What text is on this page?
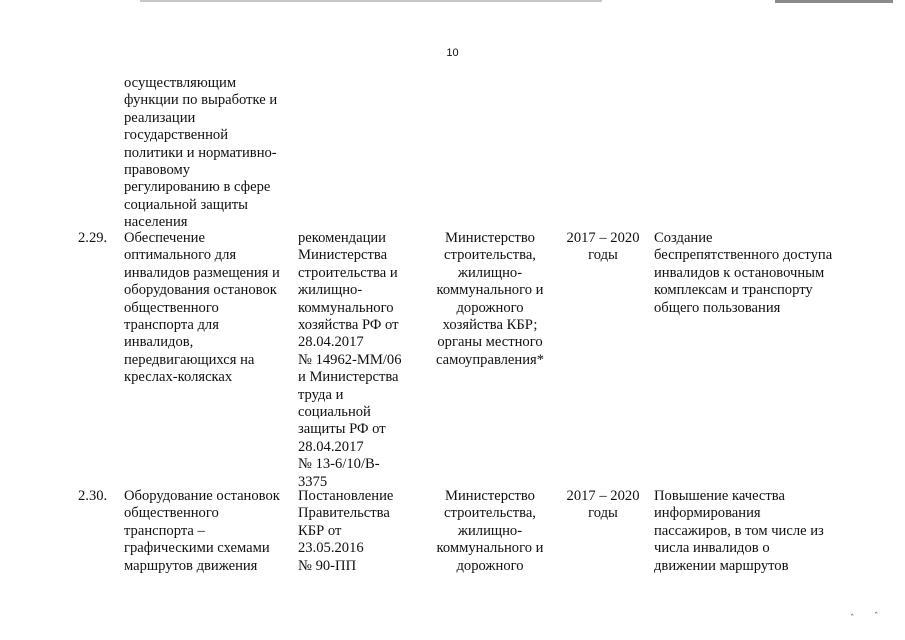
10
осуществляющим
функции по выработке и
реализации
государственной
политики и нормативно-
правовому
регулированию в сфере
социальной защиты
населения
2.29.	Обеспечение
оптимального для
инвалидов размещения и
оборудования остановок
общественного
транспорта для
инвалидов,
передвигающихся на
креслах-колясках
рекомендации
Министерства
строительства и
жилищно-
коммунального
хозяйства РФ от
28.04.2017
№ 14962-ММ/06
и Министерства
труда и
социальной
защиты РФ от
28.04.2017
№ 13-6/10/В-
3375
Министерство
строительства,
жилищно-
коммунального и
дорожного
хозяйства КБР;
органы местного
самоуправления*
2017 – 2020
годы
Создание
беспрепятственного доступа
инвалидов к остановочным
комплексам и транспорту
общего пользования
2.30.	Оборудование остановок
общественного
транспорта –
графическими схемами
маршрутов движения
Постановление
Правительства
КБР от
23.05.2016
№ 90-ПП
Министерство
строительства,
жилищно-
коммунального и
дорожного
2017 – 2020
годы
Повышение качества
информирования
пассажиров, в том числе из
числа инвалидов о
движении маршрутов
ˆ ˆ
